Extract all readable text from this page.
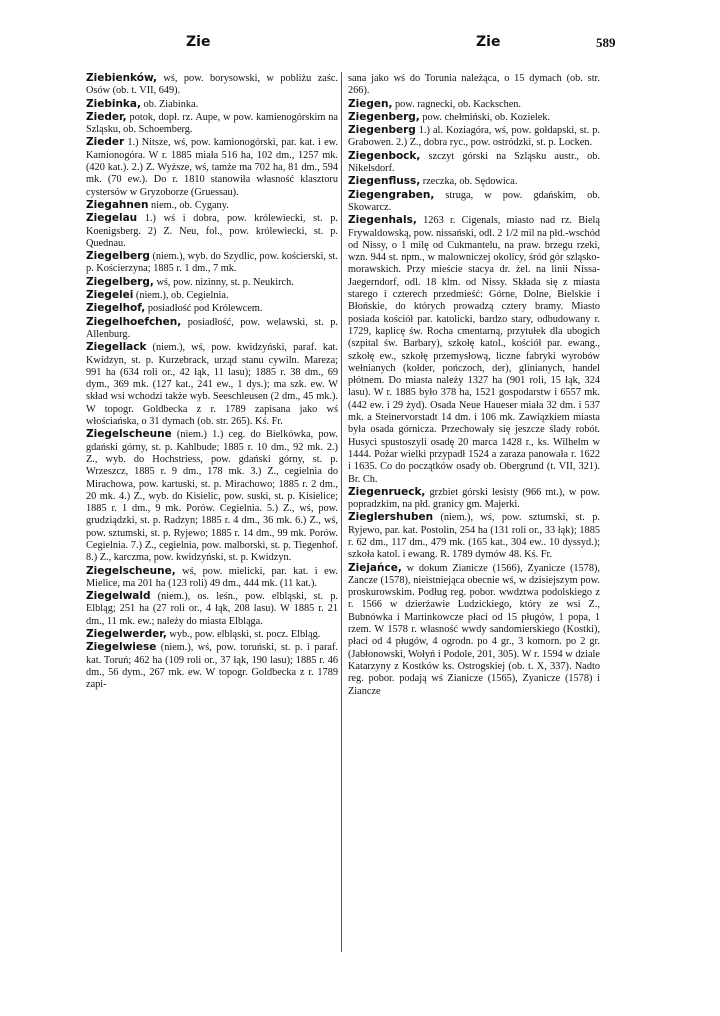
Zie	Zie	589
Ziebienków, wś, pow. borysowski, w pobliżu zaśc. Osów (ob. t. VII, 649).
Ziebinka, ob. Ziabinka.
Zieder, potok, dopł. rz. Aupe, w pow. kamienogórskim na Szląsku, ob. Schoemberg.
Zieder 1.) Nitsze, wś, pow. kamionogórski, par. kat. i ew. Kamionogóra. W r. 1885 miała 516 ha, 102 dm., 1257 mk. (420 kat.). 2.) Z. Wyższe, wś, tamże ma 702 ha, 81 dm., 594 mk. (70 ew.). Do r. 1810 stanowiła własność klasztoru cystersów w Gryzoborze (Gruessau).
Ziegahnen niem., ob. Cygany.
Ziegelau 1.) wś i dobra, pow. królewiecki, st. p. Koenigsberg. 2) Z. Neu, fol., pow. królewiecki, st. p. Quednau.
Ziegelberg (niem.), wyb. do Szydlic, pow. kościerski, st. p. Kościerzyna; 1885 r. 1 dm., 7 mk.
Ziegelberg, wś, pow. nizinny, st. p. Neukirch.
Ziegelei (niem.), ob. Cegielnia.
Ziegelhof, posiadłość pod Królewcem.
Ziegelhoefchen, posiadłość, pow. welawski, st. p. Allenburg.
Ziegellack (niem.), wś, pow. kwidzyński, paraf. kat. Kwidzyn, st. p. Kurzebrack, urząd stanu cywiln. Mareza; 991 ha (634 roli or., 42 łąk, 11 lasu); 1885 r. 38 dm., 69 dym., 369 mk. (127 kat., 241 ew., 1 dys.); ma szk. ew. W skład wsi wchodzi także wyb. Seeschleusen (2 dm., 45 mk.). W topogr. Goldbecka z r. 1789 zapisana jako wś włościańska, o 31 dymach (ob. str. 265). Kś. Fr.
Ziegelscheune (niem.) 1.) ceg. do Bielkówka, pow. gdański górny, st. p. Kahlbude; 1885 r. 10 dm., 92 mk. 2.) Z., wyb. do Hochstriess, pow. gdański górny, st. p. Wrzeszcz, 1885 r. 9 dm., 178 mk. 3.) Z., cegielnia do Mirachowa, pow. kartuski, st. p. Mirachowo; 1885 r. 2 dm., 20 mk. 4.) Z., wyb. do Kisielic, pow. suski, st. p. Kisielice; 1885 r. 1 dm., 9 mk. Porów. Cegielnia. 5.) Z., wś, pow. grudziądzki, st. p. Radzyn; 1885 r. 4 dm., 36 mk. 6.) Z., wś, pow. sztumski, st. p. Ryjewo; 1885 r. 14 dm., 99 mk. Porów. Cegielnia. 7.) Z., cegielnia, pow. malborski, st. p. Tiegenhof. 8.) Z., karczma, pow. kwidzyński, st. p. Kwidzyn.
Ziegelscheune, wś, pow. mielicki, par. kat. i ew. Mielice, ma 201 ha (123 roli) 49 dm., 444 mk. (11 kat.).
Ziegelwald (niem.), os. leśn., pow. elbląski, st. p. Elbląg; 251 ha (27 roli or., 4 łąk, 208 lasu). W 1885 r. 21 dm., 11 mk. ew.; należy do miasta Elbląga.
Ziegelwerder, wyb., pow. elbląski, st. pocz. Elbląg.
Ziegelwiese (niem.), wś, pow. toruński, st. p. i paraf. kat. Toruń; 462 ha (109 roli or., 37 łąk, 190 lasu); 1885 r. 46 dm., 56 dym., 267 mk. ew. W topogr. Goldbecka z r. 1789 zapi-
sana jako wś do Torunia należąca, o 15 dymach (ob. str. 266).
Ziegen, pow. ragnecki, ob. Kackschen.
Ziegenberg, pow. chełmiński, ob. Kozielek.
Ziegenberg 1.) al. Koziagóra, wś, pow. gołdapski, st. p. Grabowen. 2.) Z., dobra ryc., pow. ostródzki, st. p. Locken.
Ziegenbock, szczyt górski na Szląsku austr., ob. Nikelsdorf.
Ziegenfluss, rzeczka, ob. Sędowica.
Ziegengraben, struga, w pow. gdańskim, ob. Skowarcz.
Ziegenhals, 1263 r. Cigenals, miasto nad rz. Bielą Frywaldowską, pow. nissański, odl. 2 1/2 mil na płd.-wschód od Nissy, o 1 milę od Cukmantelu, na praw. brzegu rzeki, wzn. 944 st. npm., w malowniczej okolicy, śród gór szląsko-morawskich. Przy mieście stacya dr. żel. na linii Nissa-Jaegerndorf, odl. 18 klm. od Nissy. Składa się z miasta starego i czterech przedmieść: Górne, Dolne, Bielskie i Błońskie, do których prowadzą cztery bramy. Miasto posiada kościół par. katolicki, bardzo stary, odbudowany r. 1729, kaplicę św. Rocha cmentarną, przytułek dla ubogich (szpital św. Barbary), szkołę katol., kościół par. ewang., szkołę ew., szkołę przemysłową, liczne fabryki wyrobów wełnianych (kołder, pończoch, der), glinianych, handel płótnem. Do miasta należy 1327 ha (901 roli, 15 łąk, 324 lasu). W r. 1885 było 378 ha, 1521 gospodarstw i 6557 mk. (442 ew. i 29 żyd). Osada Neue Haueser miała 32 dm. i 537 mk. a Steinervorstadt 14 dm. i 106 mk. Zawiązkiem miasta była osada górnicza. Przechowały się jeszcze ślady robót. Husyci spustoszyli osadę 20 marca 1428 r., ks. Wilhelm w 1444. Pożar wielki przypadł 1524 a zaraza panowała r. 1622 i 1635. Co do początków osady ob. Obergrund (t. VII, 321). Br. Ch.
Ziegenrueck, grzbiet górski lesisty (966 mt.), w pow. popradzkim, na płd. granicy gm. Majerki.
Zieglershuben (niem.), wś, pow. sztumski, st. p. Ryjewo, par. kat. Postolin, 254 ha (131 roli or., 33 łąk); 1885 r. 62 dm., 117 dm., 479 mk. (165 kat., 304 ew.. 10 dyssyd.); szkoła katol. i ewang. R. 1789 dymów 48. Kś. Fr.
Ziejańce, w dokum Zianicze (1566), Zyanicze (1578), Zancze (1578), nieistniejąca obecnie wś, w dzisiejszym pow. proskurowskim. Podług reg. pobor. wwdztwa podolskiego z r. 1566 w dzierżawie Ludzickiego, który ze wsi Z., Bubnówka i Martinkowcze płaci od 15 pługów, 1 popa, 1 rzem. W 1578 r. własność wwdy sandomierskiego (Kostki), płaci od 4 pługów, 4 ogrodn. po 4 gr., 3 komorn. po 2 gr. (Jabłonowski, Wołyń i Podole, 201, 305). W r. 1594 w dziale Katarzyny z Kostków ks. Ostrogskiej (ob. t. X, 337). Nadto reg. pobor. podają wś Zianicze (1565), Zyanicze (1578) i Ziancze
